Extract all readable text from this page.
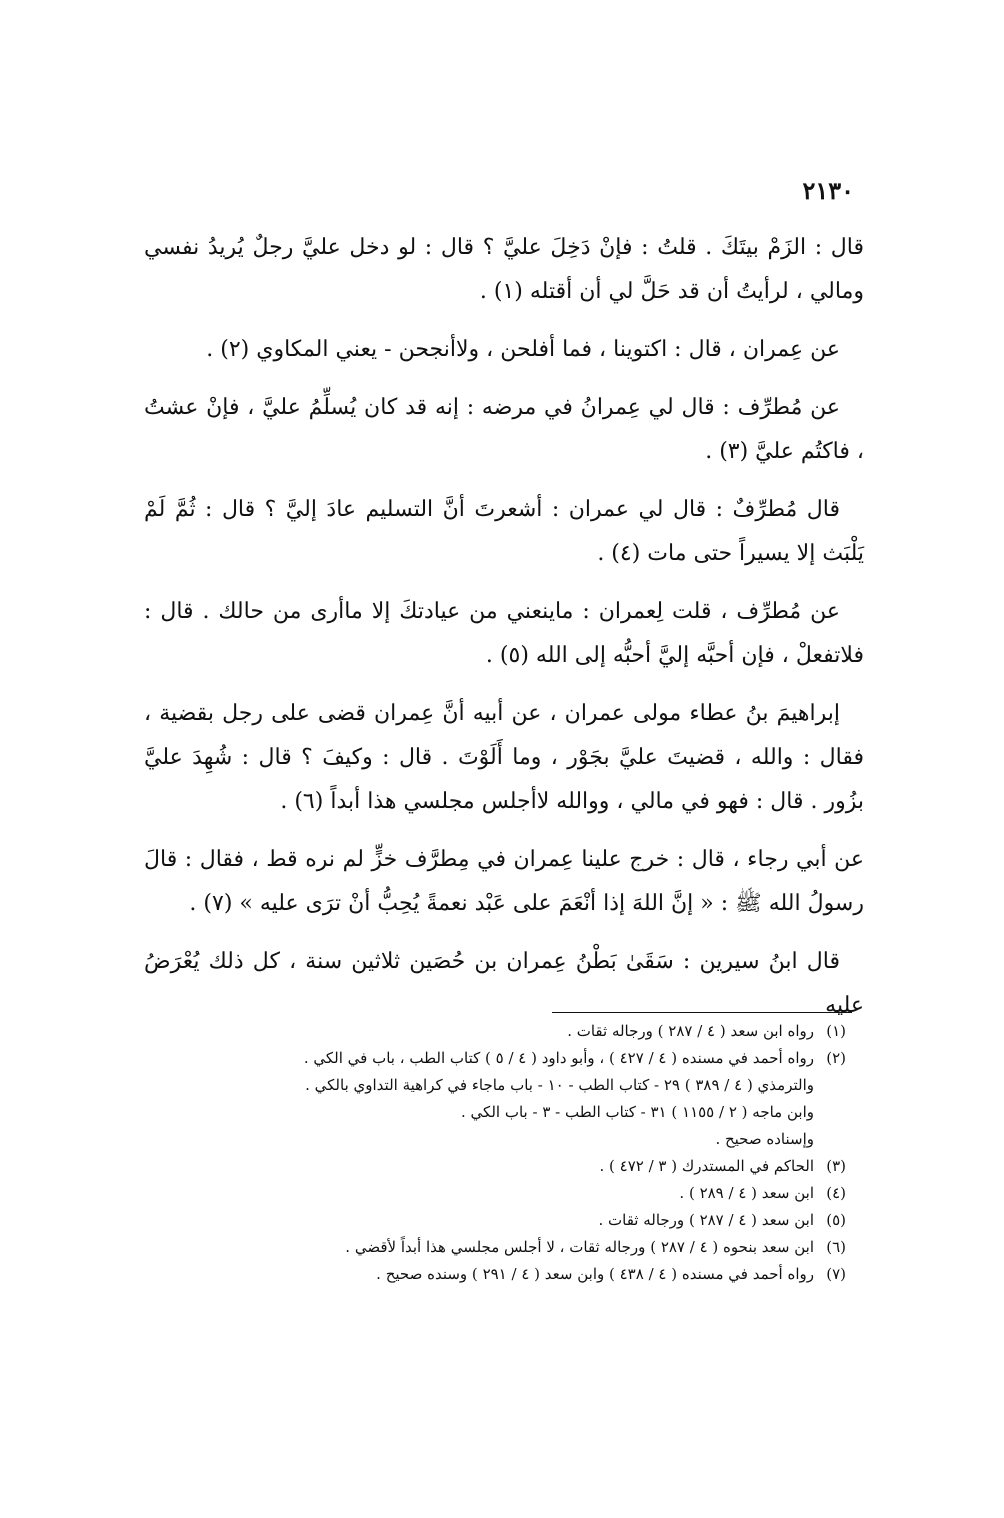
٢١٣٠

قال : الزَمْ بيتَكَ . قلتُ : فإنْ دَخِلَ عليَّ ؟ قال : لو دخل عليَّ رجلٌ يُريدُ نفسي ومالي ، لرأيتُ أن قد حَلَّ لي أن أقتله (١) .

عن عِمران ، قال : اكتوينا ، فما أفلحن ، ولاأنجحن - يعني المكاوي (٢) .

عن مُطرِّف : قال لي عِمرانُ في مرضه : إنه قد كان يُسلِّمُ عليَّ ، فإنْ عشتُ ، فاكتُم عليَّ (٣) .

قال مُطرِّفٌ : قال لي عمران : أشعرتَ أنَّ التسليم عادَ إليَّ ؟ قال : ثُمَّ لَمْ يَلْبَث إلا يسيراً حتى مات (٤) .

عن مُطرِّف ، قلت لِعمران : ماينعني من عيادتكَ إلا ماأرى من حالك . قال : فلاتفعلْ ، فإن أحبَّه إليَّ أحبُّه إلى الله (٥) .

إبراهيمَ بنُ عطاء مولى عمران ، عن أبيه أنَّ عِمران قضى على رجل بقضية ، فقال : والله ، قضيتَ عليَّ بجَوْر ، وما أَلَوْتَ . قال : وكيفَ ؟ قال : شُهِدَ عليَّ بزُور . قال : فهو في مالي ، ووالله لاأجلس مجلسي هذا أبداً (٦) .

عن أبي رجاء ، قال : خرج علينا عِمران في مِطرَّف خزٍّ لم نره قط ، فقال : قالَ رسولُ الله ﷺ : « إنَّ اللهَ إذا أنْعَمَ على عَبْد نعمةً يُحِبُّ أنْ ترَى عليه » (٧) .

قال ابنُ سيرين : سَقَىٰ بَطْنُ عِمران بن حُصَين ثلاثين سنة ، كل ذلك يُعْرَضُ عليه

(١)
رواه ابن سعد ( ٤ / ٢٨٧ ) ورجاله ثقات .
(٢)
رواه أحمد في مسنده ( ٤ / ٤٢٧ ) ، وأبو داود ( ٤ / ٥ ) كتاب الطب ، باب في الكي .
والترمذي ( ٤ / ٣٨٩ ) ٢٩ - كتاب الطب - ١٠ - باب ماجاء في كراهية التداوي بالكي .
وابن ماجه ( ٢ / ١١٥٥ ) ٣١ - كتاب الطب - ٣ - باب الكي .
وإسناده صحيح .
(٣)
الحاكم في المستدرك ( ٣ / ٤٧٢ ) .
(٤)
ابن سعد ( ٤ / ٢٨٩ ) .
(٥)
ابن سعد ( ٤ / ٢٨٧ ) ورجاله ثقات .
(٦)
ابن سعد بنحوه ( ٤ / ٢٨٧ ) ورجاله ثقات ، لا أجلس مجلسي هذا أبداً لأقضي .
(٧)
رواه أحمد في مسنده ( ٤ / ٤٣٨ ) وابن سعد ( ٤ / ٢٩١ ) وسنده صحيح .
